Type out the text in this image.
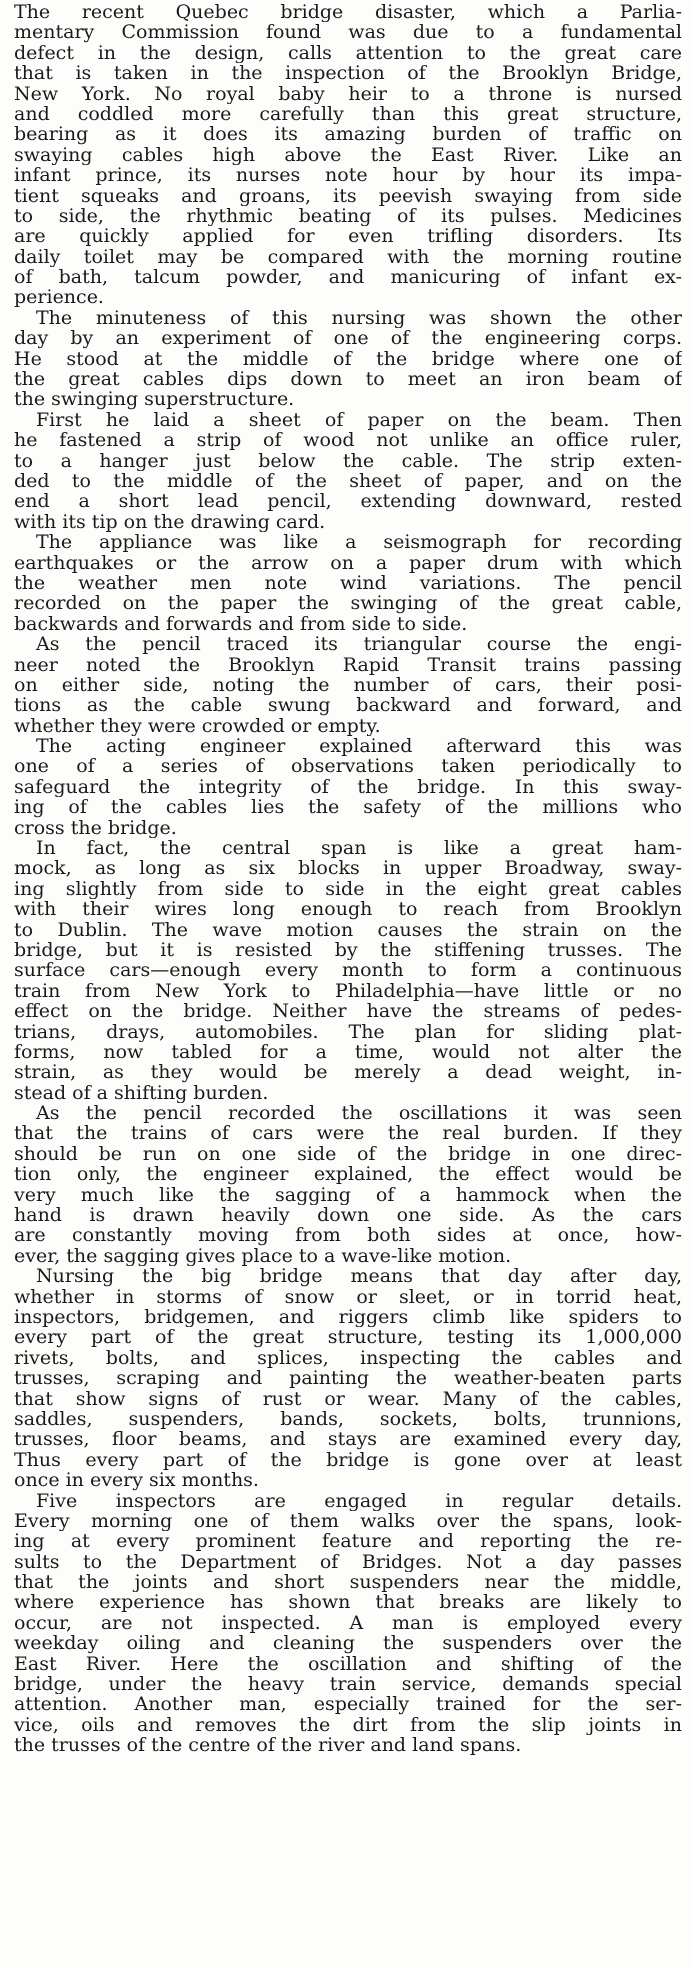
The recent Quebec bridge disaster, which a Parlia-
mentary Commission found was due to a fundamental
defect in the design, calls attention to the great care
that is taken in the inspection of the Brooklyn Bridge,
New York. No royal baby heir to a throne is nursed
and coddled more carefully than this great structure,
bearing as it does its amazing burden of traffic on
swaying cables high above the East River. Like an
infant prince, its nurses note hour by hour its impa-
tient squeaks and groans, its peevish swaying from side
to side, the rhythmic beating of its pulses. Medicines
are quickly applied for even trifling disorders. Its
daily toilet may be compared with the morning routine
of bath, talcum powder, and manicuring of infant ex-
perience.
The minuteness of this nursing was shown the other
day by an experiment of one of the engineering corps.
He stood at the middle of the bridge where one of
the great cables dips down to meet an iron beam of
the swinging superstructure.
First he laid a sheet of paper on the beam. Then
he fastened a strip of wood not unlike an office ruler,
to a hanger just below the cable. The strip exten-
ded to the middle of the sheet of paper, and on the
end a short lead pencil, extending downward, rested
with its tip on the drawing card.
The appliance was like a seismograph for recording
earthquakes or the arrow on a paper drum with which
the weather men note wind variations. The pencil
recorded on the paper the swinging of the great cable,
backwards and forwards and from side to side.
As the pencil traced its triangular course the engi-
neer noted the Brooklyn Rapid Transit trains passing
on either side, noting the number of cars, their posi-
tions as the cable swung backward and forward, and
whether they were crowded or empty.
The acting engineer explained afterward this was
one of a series of observations taken periodically to
safeguard the integrity of the bridge. In this sway-
ing of the cables lies the safety of the millions who
cross the bridge.
In fact, the central span is like a great ham-
mock, as long as six blocks in upper Broadway, sway-
ing slightly from side to side in the eight great cables
with their wires long enough to reach from Brooklyn
to Dublin. The wave motion causes the strain on the
bridge, but it is resisted by the stiffening trusses. The
surface cars—enough every month to form a continuous
train from New York to Philadelphia—have little or no
effect on the bridge. Neither have the streams of pedes-
trians, drays, automobiles. The plan for sliding plat-
forms, now tabled for a time, would not alter the
strain, as they would be merely a dead weight, in-
stead of a shifting burden.
As the pencil recorded the oscillations it was seen
that the trains of cars were the real burden. If they
should be run on one side of the bridge in one direc-
tion only, the engineer explained, the effect would be
very much like the sagging of a hammock when the
hand is drawn heavily down one side. As the cars
are constantly moving from both sides at once, how-
ever, the sagging gives place to a wave-like motion.
Nursing the big bridge means that day after day,
whether in storms of snow or sleet, or in torrid heat,
inspectors, bridgemen, and riggers climb like spiders to
every part of the great structure, testing its 1,000,000
rivets, bolts, and splices, inspecting the cables and
trusses, scraping and painting the weather-beaten parts
that show signs of rust or wear. Many of the cables,
saddles, suspenders, bands, sockets, bolts, trunnions,
trusses, floor beams, and stays are examined every day,
Thus every part of the bridge is gone over at least
once in every six months.
Five inspectors are engaged in regular details.
Every morning one of them walks over the spans, look-
ing at every prominent feature and reporting the re-
sults to the Department of Bridges. Not a day passes
that the joints and short suspenders near the middle,
where experience has shown that breaks are likely to
occur, are not inspected. A man is employed every
weekday oiling and cleaning the suspenders over the
East River. Here the oscillation and shifting of the
bridge, under the heavy train service, demands special
attention. Another man, especially trained for the ser-
vice, oils and removes the dirt from the slip joints in
the trusses of the centre of the river and land spans.
